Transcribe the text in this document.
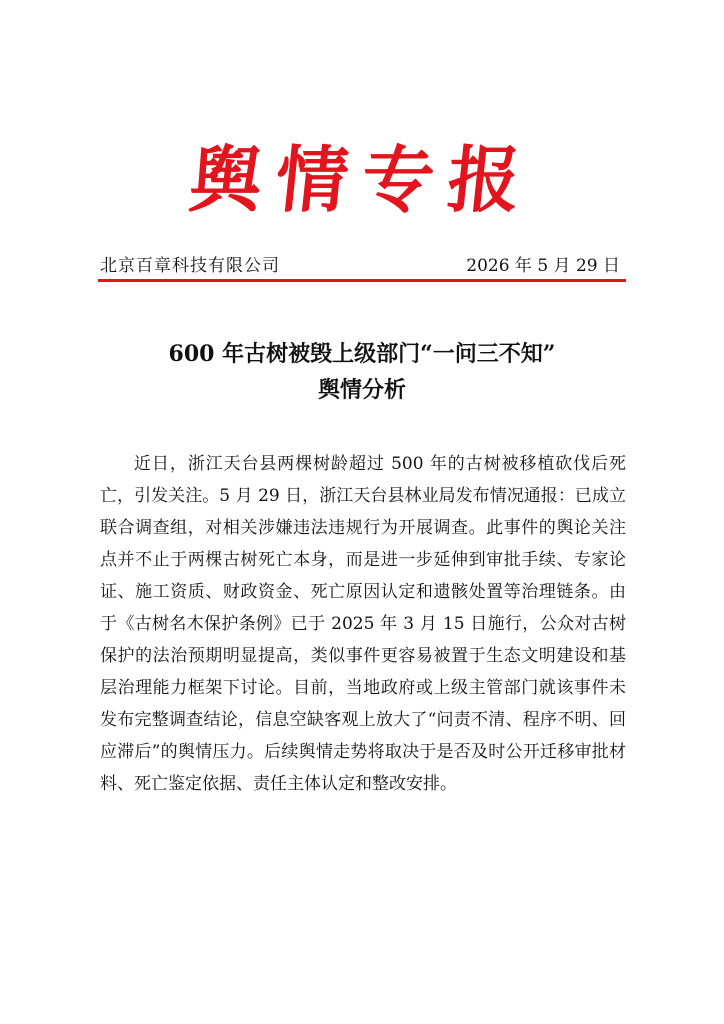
舆情专报
北京百章科技有限公司	2026 年 5 月 29 日
600 年古树被毁上级部门“一问三不知”
舆情分析

近日，浙江天台县两棵树龄超过 500 年的古树被移植砍伐后死亡，引发关注。5 月 29 日，浙江天台县林业局发布情况通报：已成立联合调查组，对相关涉嫌违法违规行为开展调查。此事件的舆论关注点并不止于两棵古树死亡本身，而是进一步延伸到审批手续、专家论证、施工资质、财政资金、死亡原因认定和遗骸处置等治理链条。由于《古树名木保护条例》已于 2025 年 3 月 15 日施行，公众对古树保护的法治预期明显提高，类似事件更容易被置于生态文明建设和基层治理能力框架下讨论。目前，当地政府或上级主管部门就该事件未发布完整调查结论，信息空缺客观上放大了“问责不清、程序不明、回应滞后”的舆情压力。后续舆情走势将取决于是否及时公开迁移审批材料、死亡鉴定依据、责任主体认定和整改安排。
